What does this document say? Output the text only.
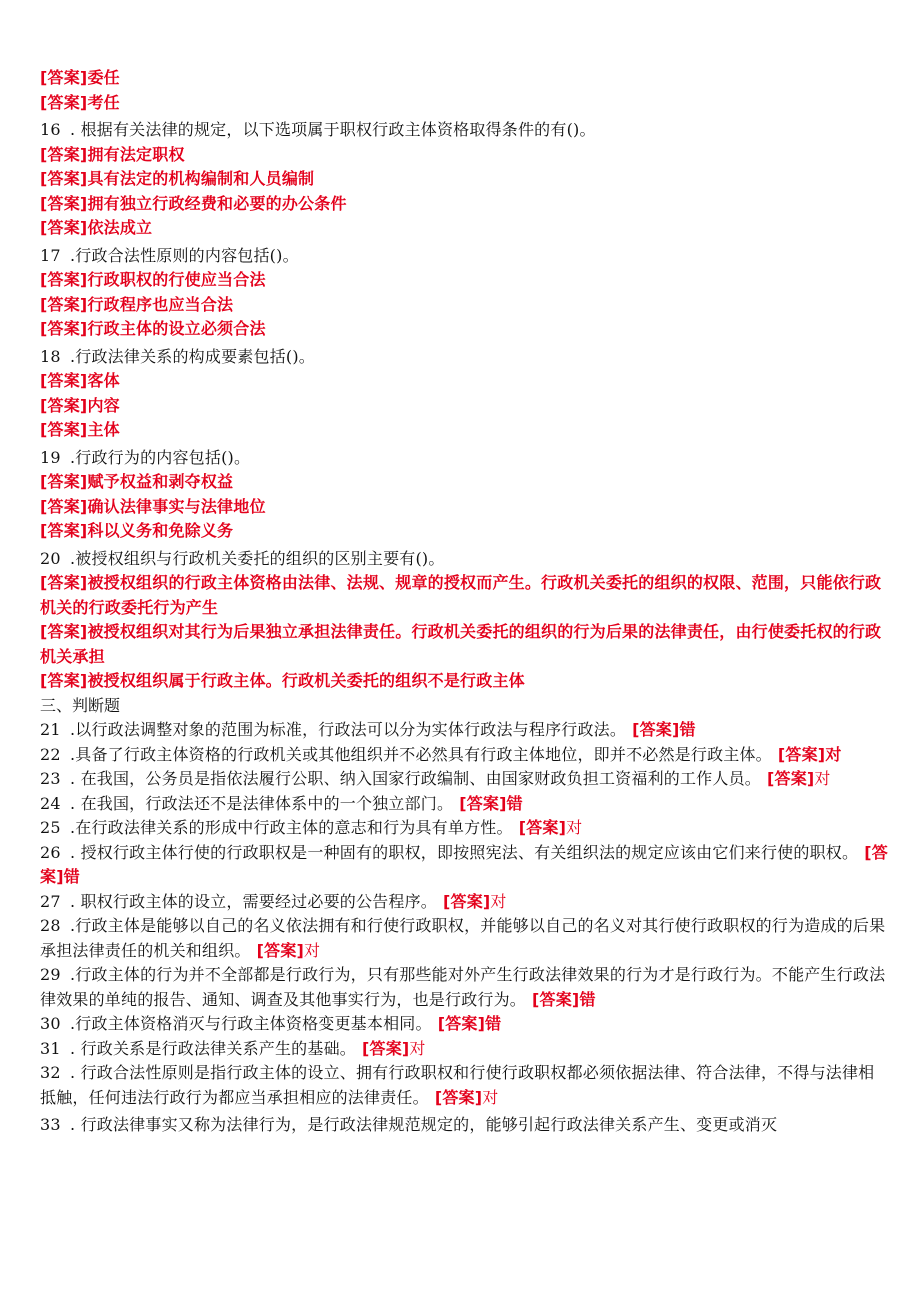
[答案]委任
[答案]考任
16 . 根据有关法律的规定，以下选项属于职权行政主体资格取得条件的有()。
[答案]拥有法定职权
[答案]具有法定的机构编制和人员编制
[答案]拥有独立行政经费和必要的办公条件
[答案]依法成立
17 .行政合法性原则的内容包括()。
[答案]行政职权的行使应当合法
[答案]行政程序也应当合法
[答案]行政主体的设立必须合法
18 .行政法律关系的构成要素包括()。
[答案]客体
[答案]内容
[答案]主体
19 .行政行为的内容包括()。
[答案]赋予权益和剥夺权益
[答案]确认法律事实与法律地位
[答案]科以义务和免除义务
20 .被授权组织与行政机关委托的组织的区别主要有()。
[答案]被授权组织的行政主体资格由法律、法规、规章的授权而产生。行政机关委托的组织的权限、范围，只能依行政机关的行政委托行为产生
[答案]被授权组织对其行为后果独立承担法律责任。行政机关委托的组织的行为后果的法律责任，由行使委托权的行政机关承担
[答案]被授权组织属于行政主体。行政机关委托的组织不是行政主体
三、判断题
21 .以行政法调整对象的范围为标准，行政法可以分为实体行政法与程序行政法。 [答案]错
22 .具备了行政主体资格的行政机关或其他组织并不必然具有行政主体地位，即并不必然是行政主体。 [答案]对
23 . 在我国，公务员是指依法履行公职、纳入国家行政编制、由国家财政负担工资福利的工作人员。 [答案]对
24 . 在我国，行政法还不是法律体系中的一个独立部门。 [答案]错
25 .在行政法律关系的形成中行政主体的意志和行为具有单方性。 [答案]对
26 . 授权行政主体行使的行政职权是一种固有的职权，即按照宪法、有关组织法的规定应该由它们来行使的职权。 [答案]错
27 . 职权行政主体的设立，需要经过必要的公告程序。 [答案]对
28 .行政主体是能够以自己的名义依法拥有和行使行政职权，并能够以自己的名义对其行使行政职权的行为造成的后果承担法律责任的机关和组织。 [答案]对
29 .行政主体的行为并不全部都是行政行为，只有那些能对外产生行政法律效果的行为才是行政行为。不能产生行政法律效果的单纯的报告、通知、调查及其他事实行为，也是行政行为。 [答案]错
30 .行政主体资格消灭与行政主体资格变更基本相同。 [答案]错
31 . 行政关系是行政法律关系产生的基础。 [答案]对
32 . 行政合法性原则是指行政主体的设立、拥有行政职权和行使行政职权都必须依据法律、符合法律，不得与法律相抵触，任何违法行政行为都应当承担相应的法律责任。 [答案]对
33 . 行政法律事实又称为法律行为，是行政法律规范规定的，能够引起行政法律关系产生、变更或消灭
